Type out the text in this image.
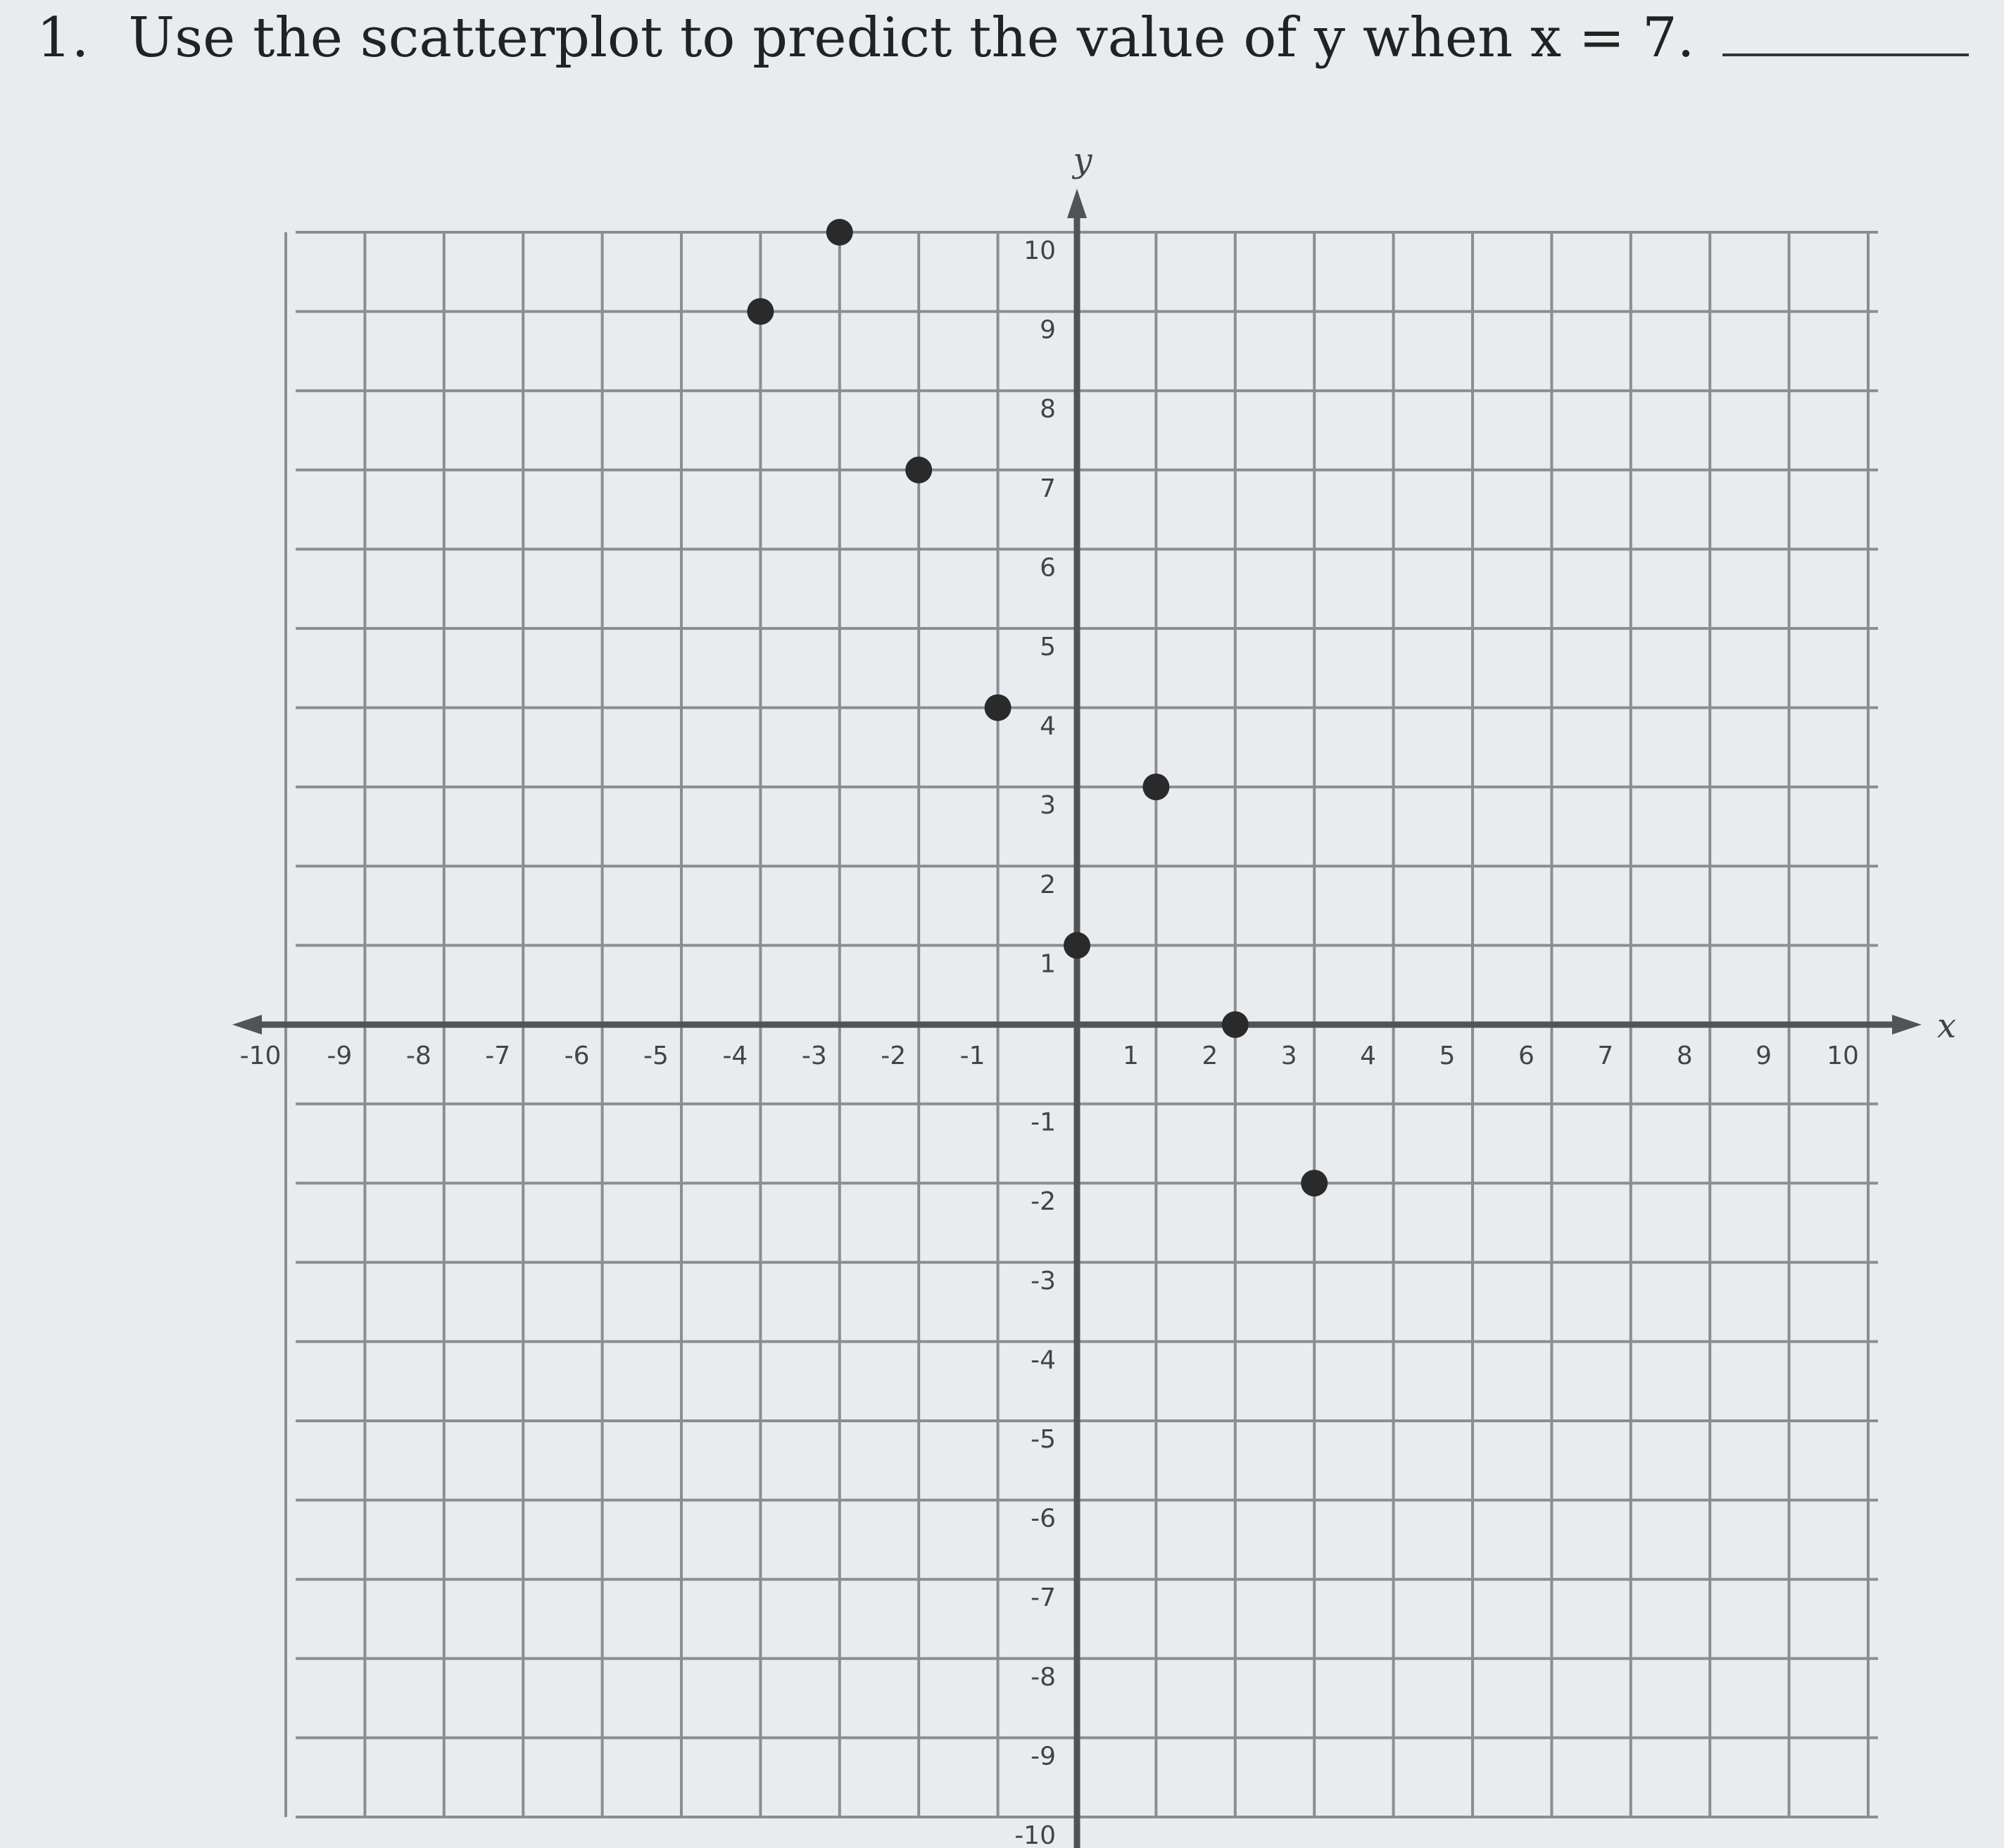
1. Use the scatterplot to predict the value of y when x = 7.
x
y
-10 -9 -8 -7 -6 -5 -4 -3 -2 -1	1 2 3 4 5 6 7 8 9 10
10
9
8
7
6
5
4
3
2
1
-1
-2
-3
-4
-5
-6
-7
-8
-9
-10
